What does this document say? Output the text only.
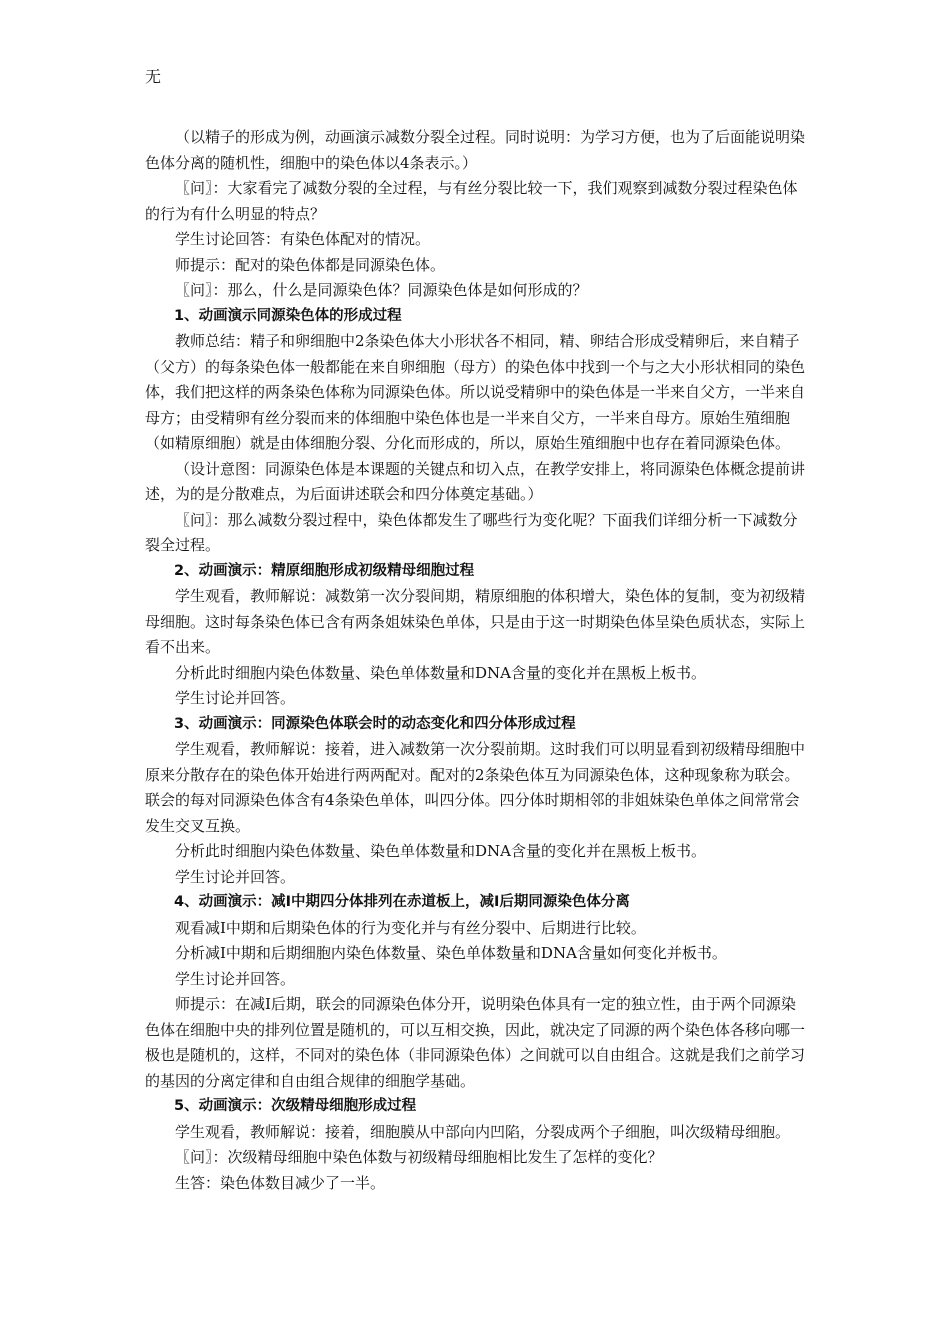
无

（以精子的形成为例，动画演示减数分裂全过程。同时说明：为学习方便，也为了后面能说明染色体分离的随机性，细胞中的染色体以4条表示。）

〖问〗：大家看完了减数分裂的全过程，与有丝分裂比较一下，我们观察到减数分裂过程染色体的行为有什么明显的特点？

学生讨论回答：有染色体配对的情况。

师提示：配对的染色体都是同源染色体。

〖问〗：那么，什么是同源染色体？同源染色体是如何形成的？

1、动画演示同源染色体的形成过程

教师总结：精子和卵细胞中2条染色体大小形状各不相同，精、卵结合形成受精卵后，来自精子（父方）的每条染色体一般都能在来自卵细胞（母方）的染色体中找到一个与之大小形状相同的染色体，我们把这样的两条染色体称为同源染色体。所以说受精卵中的染色体是一半来自父方，一半来自母方；由受精卵有丝分裂而来的体细胞中染色体也是一半来自父方，一半来自母方。原始生殖细胞（如精原细胞）就是由体细胞分裂、分化而形成的，所以，原始生殖细胞中也存在着同源染色体。

（设计意图：同源染色体是本课题的关键点和切入点，在教学安排上，将同源染色体概念提前讲述，为的是分散难点，为后面讲述联会和四分体奠定基础。）

〖问〗：那么减数分裂过程中，染色体都发生了哪些行为变化呢？下面我们详细分析一下减数分裂全过程。

2、动画演示：精原细胞形成初级精母细胞过程

学生观看，教师解说：减数第一次分裂间期，精原细胞的体积增大，染色体的复制，变为初级精母细胞。这时每条染色体已含有两条姐妹染色单体，只是由于这一时期染色体呈染色质状态，实际上看不出来。

分析此时细胞内染色体数量、染色单体数量和DNA含量的变化并在黑板上板书。

学生讨论并回答。

3、动画演示：同源染色体联会时的动态变化和四分体形成过程

学生观看，教师解说：接着，进入减数第一次分裂前期。这时我们可以明显看到初级精母细胞中原来分散存在的染色体开始进行两两配对。配对的2条染色体互为同源染色体，这种现象称为联会。联会的每对同源染色体含有4条染色单体，叫四分体。四分体时期相邻的非姐妹染色单体之间常常会发生交叉互换。

分析此时细胞内染色体数量、染色单体数量和DNA含量的变化并在黑板上板书。

学生讨论并回答。

4、动画演示：减Ⅰ中期四分体排列在赤道板上，减Ⅰ后期同源染色体分离

观看减Ⅰ中期和后期染色体的行为变化并与有丝分裂中、后期进行比较。

分析减Ⅰ中期和后期细胞内染色体数量、染色单体数量和DNA含量如何变化并板书。

学生讨论并回答。

师提示：在减Ⅰ后期，联会的同源染色体分开，说明染色体具有一定的独立性，由于两个同源染色体在细胞中央的排列位置是随机的，可以互相交换，因此，就决定了同源的两个染色体各移向哪一极也是随机的，这样，不同对的染色体（非同源染色体）之间就可以自由组合。这就是我们之前学习的基因的分离定律和自由组合规律的细胞学基础。

5、动画演示：次级精母细胞形成过程

学生观看，教师解说：接着，细胞膜从中部向内凹陷，分裂成两个子细胞，叫次级精母细胞。

〖问〗：次级精母细胞中染色体数与初级精母细胞相比发生了怎样的变化？

生答：染色体数目减少了一半。
